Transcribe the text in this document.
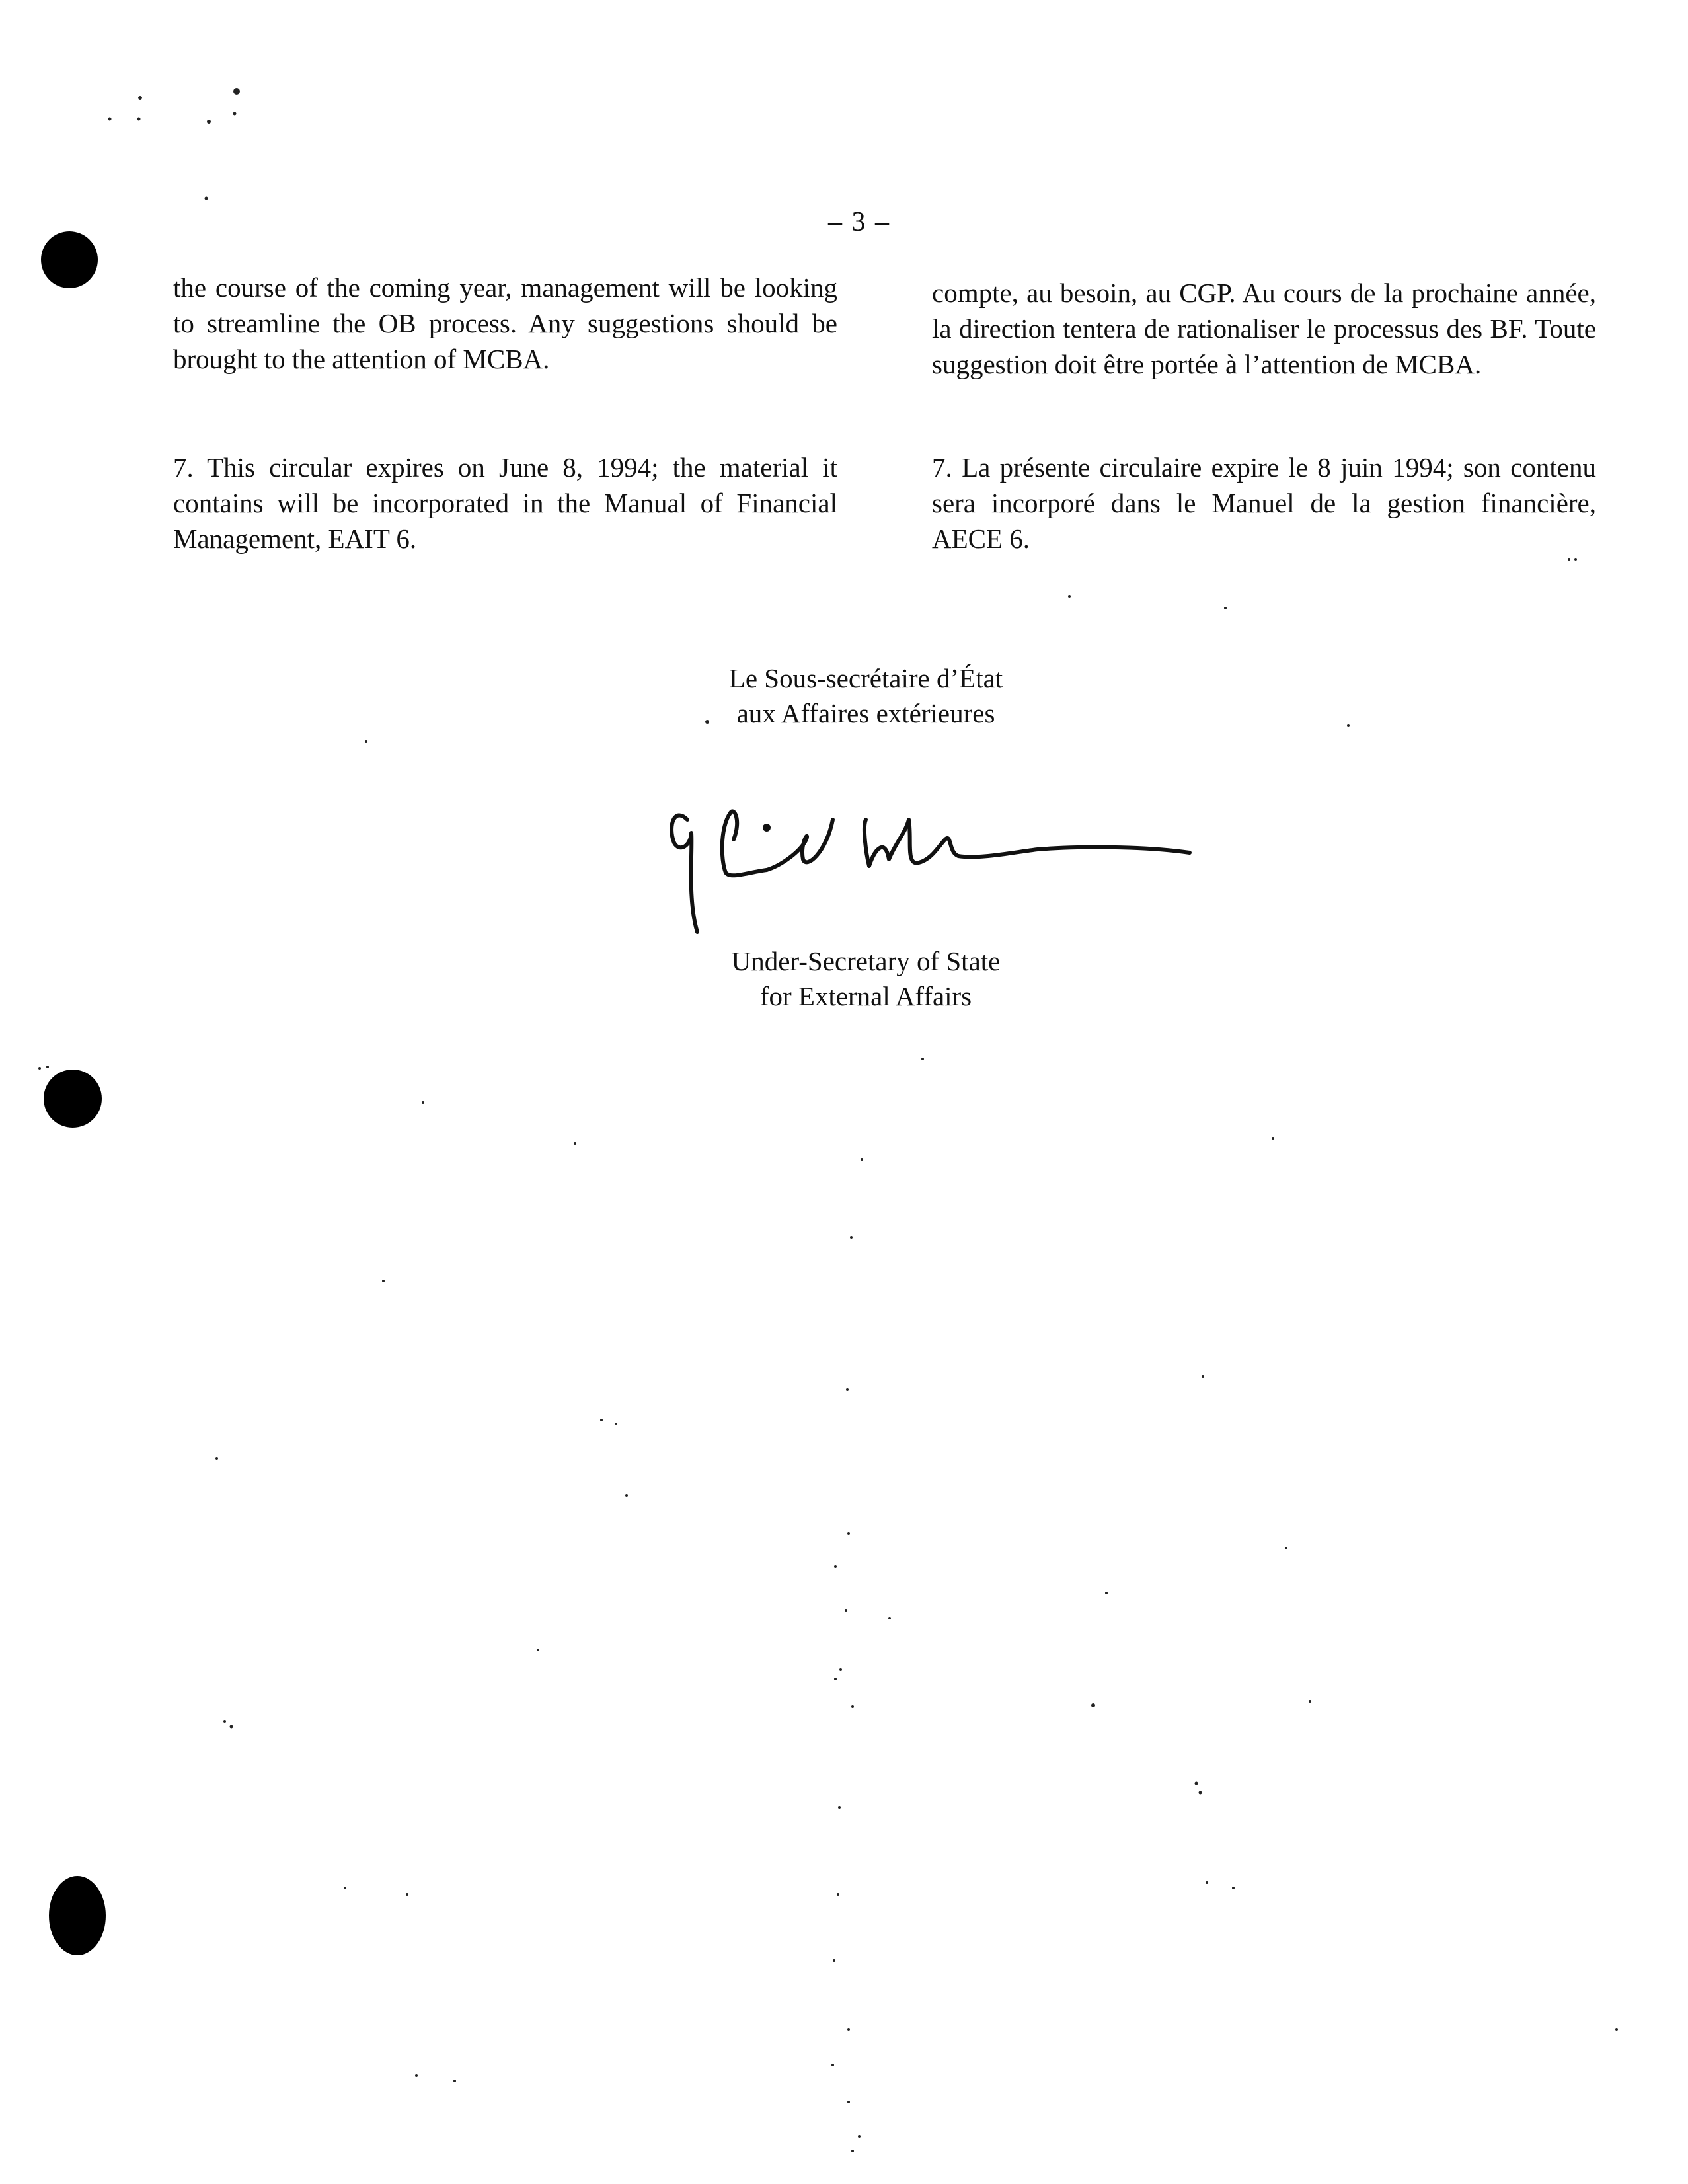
– 3 –

the course of the coming year, management will be looking to streamline the OB process. Any suggestions should be brought to the attention of MCBA.

7. This circular expires on June 8, 1994; the material it contains will be incorporated in the Manual of Financial Management, EAIT 6.

compte, au besoin, au CGP. Au cours de la prochaine année, la direction tentera de rationaliser le processus des BF. Toute suggestion doit être portée à l’attention de MCBA.

7. La présente circulaire expire le 8 juin 1994; son contenu sera incorporé dans le Manuel de la gestion financière, AECE 6.

Le Sous-secrétaire d’État
aux Affaires extérieures
Under-Secretary of State
for External Affairs
